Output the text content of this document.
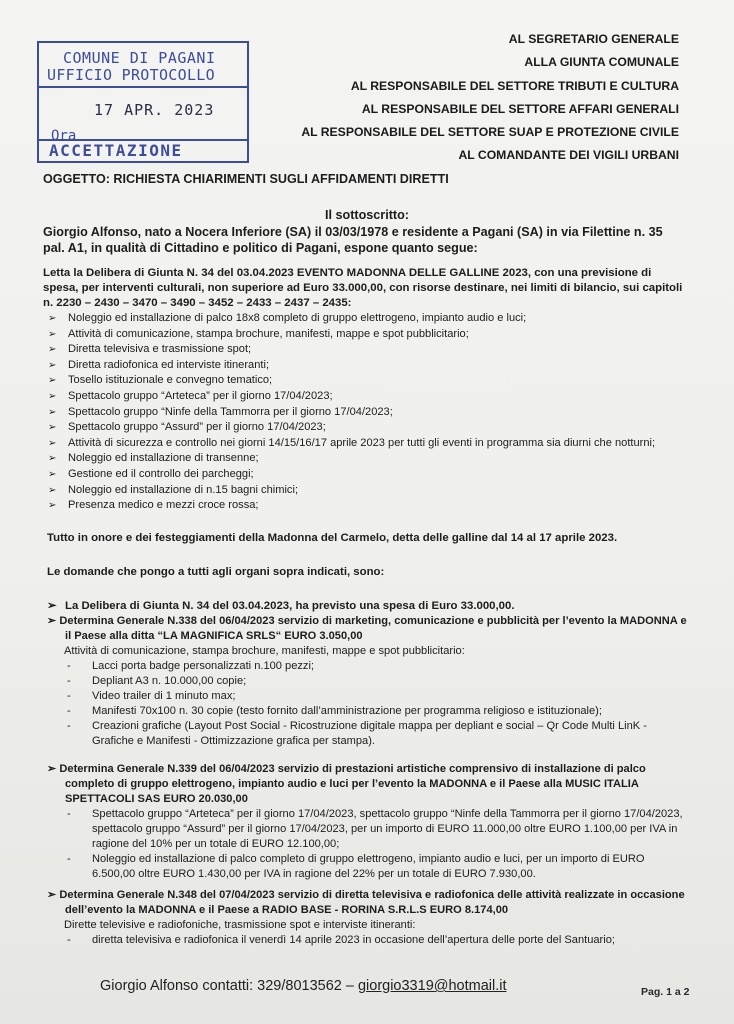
COMUNE DI PAGANI
UFFICIO PROTOCOLLO
17 APR. 2023
Ora
ACCETTAZIONE
AL SEGRETARIO GENERALE
ALLA GIUNTA COMUNALE
AL RESPONSABILE DEL SETTORE TRIBUTI E CULTURA
AL RESPONSABILE DEL SETTORE AFFARI GENERALI
AL RESPONSABILE DEL SETTORE SUAP E PROTEZIONE CIVILE
AL COMANDANTE DEI VIGILI URBANI
OGGETTO: RICHIESTA CHIARIMENTI SUGLI AFFIDAMENTI DIRETTI
Il sottoscritto:
Giorgio Alfonso, nato a Nocera Inferiore (SA) il 03/03/1978 e residente a Pagani (SA) in via Filettine n. 35 pal. A1, in qualità di Cittadino e politico di Pagani, espone quanto segue:
Letta la Delibera di Giunta N. 34 del 03.04.2023 EVENTO MADONNA DELLE GALLINE 2023, con una previsione di spesa, per interventi culturali, non superiore ad Euro 33.000,00, con risorse destinare, nei limiti di bilancio, sui capitoli n. 2230 – 2430 – 3470 – 3490 – 3452 – 2433 – 2437 – 2435:
➢ Noleggio ed installazione di palco 18x8 completo di gruppo elettrogeno, impianto audio e luci;
➢ Attività di comunicazione, stampa brochure, manifesti, mappe e spot pubblicitario;
➢ Diretta televisiva e trasmissione spot;
➢ Diretta radiofonica ed interviste itineranti;
➢ Tosello istituzionale e convegno tematico;
➢ Spettacolo gruppo “Arteteca” per il giorno 17/04/2023;
➢ Spettacolo gruppo “Ninfe della Tammorra per il giorno 17/04/2023;
➢ Spettacolo gruppo “Assurd” per il giorno 17/04/2023;
➢ Attività di sicurezza e controllo nei giorni 14/15/16/17 aprile 2023 per tutti gli eventi in programma sia diurni che notturni;
➢ Noleggio ed installazione di transenne;
➢ Gestione ed il controllo dei parcheggi;
➢ Noleggio ed installazione di n.15 bagni chimici;
➢ Presenza medico e mezzi croce rossa;
Tutto in onore e dei festeggiamenti della Madonna del Carmelo, detta delle galline dal 14 al 17 aprile 2023.
Le domande che pongo a tutti agli organi sopra indicati, sono:
➢ La Delibera di Giunta N. 34 del 03.04.2023, ha previsto una spesa di Euro 33.000,00.
➢ Determina Generale N.338 del 06/04/2023 servizio di marketing, comunicazione e pubblicità per l’evento la MADONNA e il Paese alla ditta “LA MAGNIFICA SRLS“ EURO 3.050,00
Attività di comunicazione, stampa brochure, manifesti, mappe e spot pubblicitario:
- Lacci porta badge personalizzati n.100 pezzi;
- Depliant A3 n. 10.000,00 copie;
- Video trailer di 1 minuto max;
- Manifesti 70x100 n. 30 copie (testo fornito dall’amministrazione per programma religioso e istituzionale);
- Creazioni grafiche (Layout Post Social - Ricostruzione digitale mappa per depliant e social – Qr Code Multi LinK - Grafiche e Manifesti - Ottimizzazione grafica per stampa).
➢ Determina Generale N.339 del 06/04/2023 servizio di prestazioni artistiche comprensivo di installazione di palco completo di gruppo elettrogeno, impianto audio e luci per l’evento la MADONNA e il Paese alla MUSIC ITALIA SPETTACOLI SAS EURO 20.030,00
- Spettacolo gruppo “Arteteca” per il giorno 17/04/2023, spettacolo gruppo “Ninfe della Tammorra per il giorno 17/04/2023, spettacolo gruppo “Assurd” per il giorno 17/04/2023, per un importo di EURO 11.000,00 oltre EURO 1.100,00 per IVA in ragione del 10% per un totale di EURO 12.100,00;
- Noleggio ed installazione di palco completo di gruppo elettrogeno, impianto audio e luci, per un importo di EURO 6.500,00 oltre EURO 1.430,00 per IVA in ragione del 22% per un totale di EURO 7.930,00.
➢ Determina Generale N.348 del 07/04/2023 servizio di diretta televisiva e radiofonica delle attività realizzate in occasione dell’evento la MADONNA e il Paese a RADIO BASE - RORINA S.R.L.S EURO 8.174,00
Dirette televisive e radiofoniche, trasmissione spot e interviste itineranti:
- diretta televisiva e radiofonica il venerdì 14 aprile 2023 in occasione dell’apertura delle porte del Santuario;
Giorgio Alfonso contatti: 329/8013562 – giorgio3319@hotmail.it	Pag. 1 a 2
